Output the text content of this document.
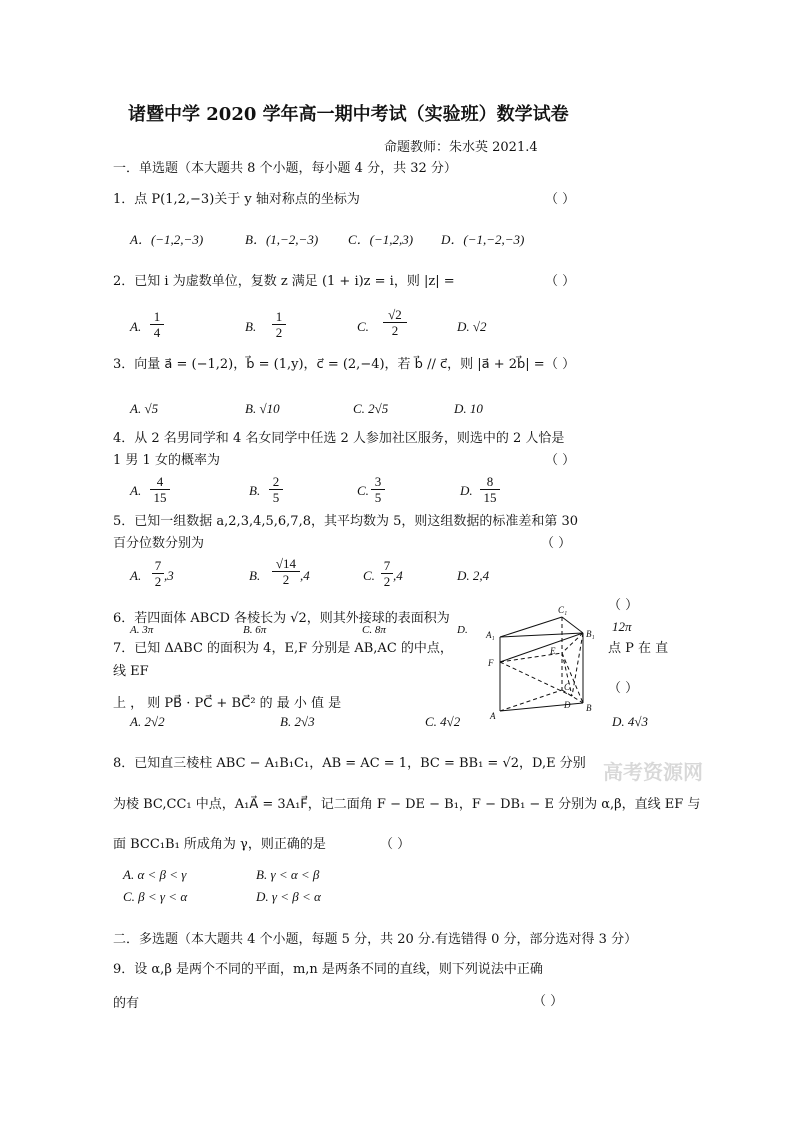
诸暨中学 2020 学年高一期中考试（实验班）数学试卷
命题教师：朱水英 2021.4
一．单选题（本大题共 8 个小题，每小题 4 分，共 32 分）
1．点 P(1,2,−3)关于 y 轴对称点的坐标为	（ ）
A．(−1,2,−3)	B．(1,−2,−3) C．(−1,2,3) D．(−1,−2,−3)
2．已知 i 为虚数单位，复数 z 满足 (1 + i)z = i，则 |z| =	（ ）
A.
1
4	B.
1
2	C.
√2
2	D. √2
3．向量 a⃗ = (−1,2)，b⃗ = (1,y)，c⃗ = (2,−4)，若 b⃗ // c⃗，则 |a⃗ + 2b⃗| = （ ）
A. √5	B. √10	C. 2√5	D. 10
4．从 2 名男同学和 4 名女同学中任选 2 人参加社区服务，则选中的 2 人恰是
1 男 1 女的概率为	（ ）
A.
4
15	B.
2
5	C.
3
5	D.
8
15
5．已知一组数据 a,2,3,4,5,6,7,8，其平均数为 5，则这组数据的标准差和第 30
百分位数分别为	（ ）
A.
7
2 ,3	B.
√14
2 ,4	C.
7
2 ,4	D. 2,4
6．若四面体 ABCD 各棱长为 √2，则其外接球的表面积为
（ ）
A. 3π	B. 6π	C. 8π	D.	12π
7．已知 ΔABC 的面积为 4，E,F 分别是 AB,AC 的中点，	点 P 在 直
线 EF
上 ， 则 PB⃗ · PC⃗ + BC⃗² 的 最 小 值 是
（ ）
A. 2√2	B. 2√3	C. 4√2	D. 4√3
C₁
A₁	B₁
F
E
C
A
D B
8．已知直三棱柱 ABC − A₁B₁C₁，AB = AC = 1，BC = BB₁ = √2，D,E 分别
为棱 BC,CC₁ 中点，A₁A⃗ = 3A₁F⃗，记二面角 F − DE − B₁，F − DB₁ − E 分别为 α,β，直线 EF 与
面 BCC₁B₁ 所成角为 γ，则正确的是	（ ）
A. α < β < γ	B. γ < α < β
C. β < γ < α	D. γ < β < α
高考资源网
二．多选题（本大题共 4 个小题，每题 5 分，共 20 分.有选错得 0 分，部分选对得 3 分）
9．设 α,β 是两个不同的平面，m,n 是两条不同的直线，则下列说法中正确
的有	（ ）
